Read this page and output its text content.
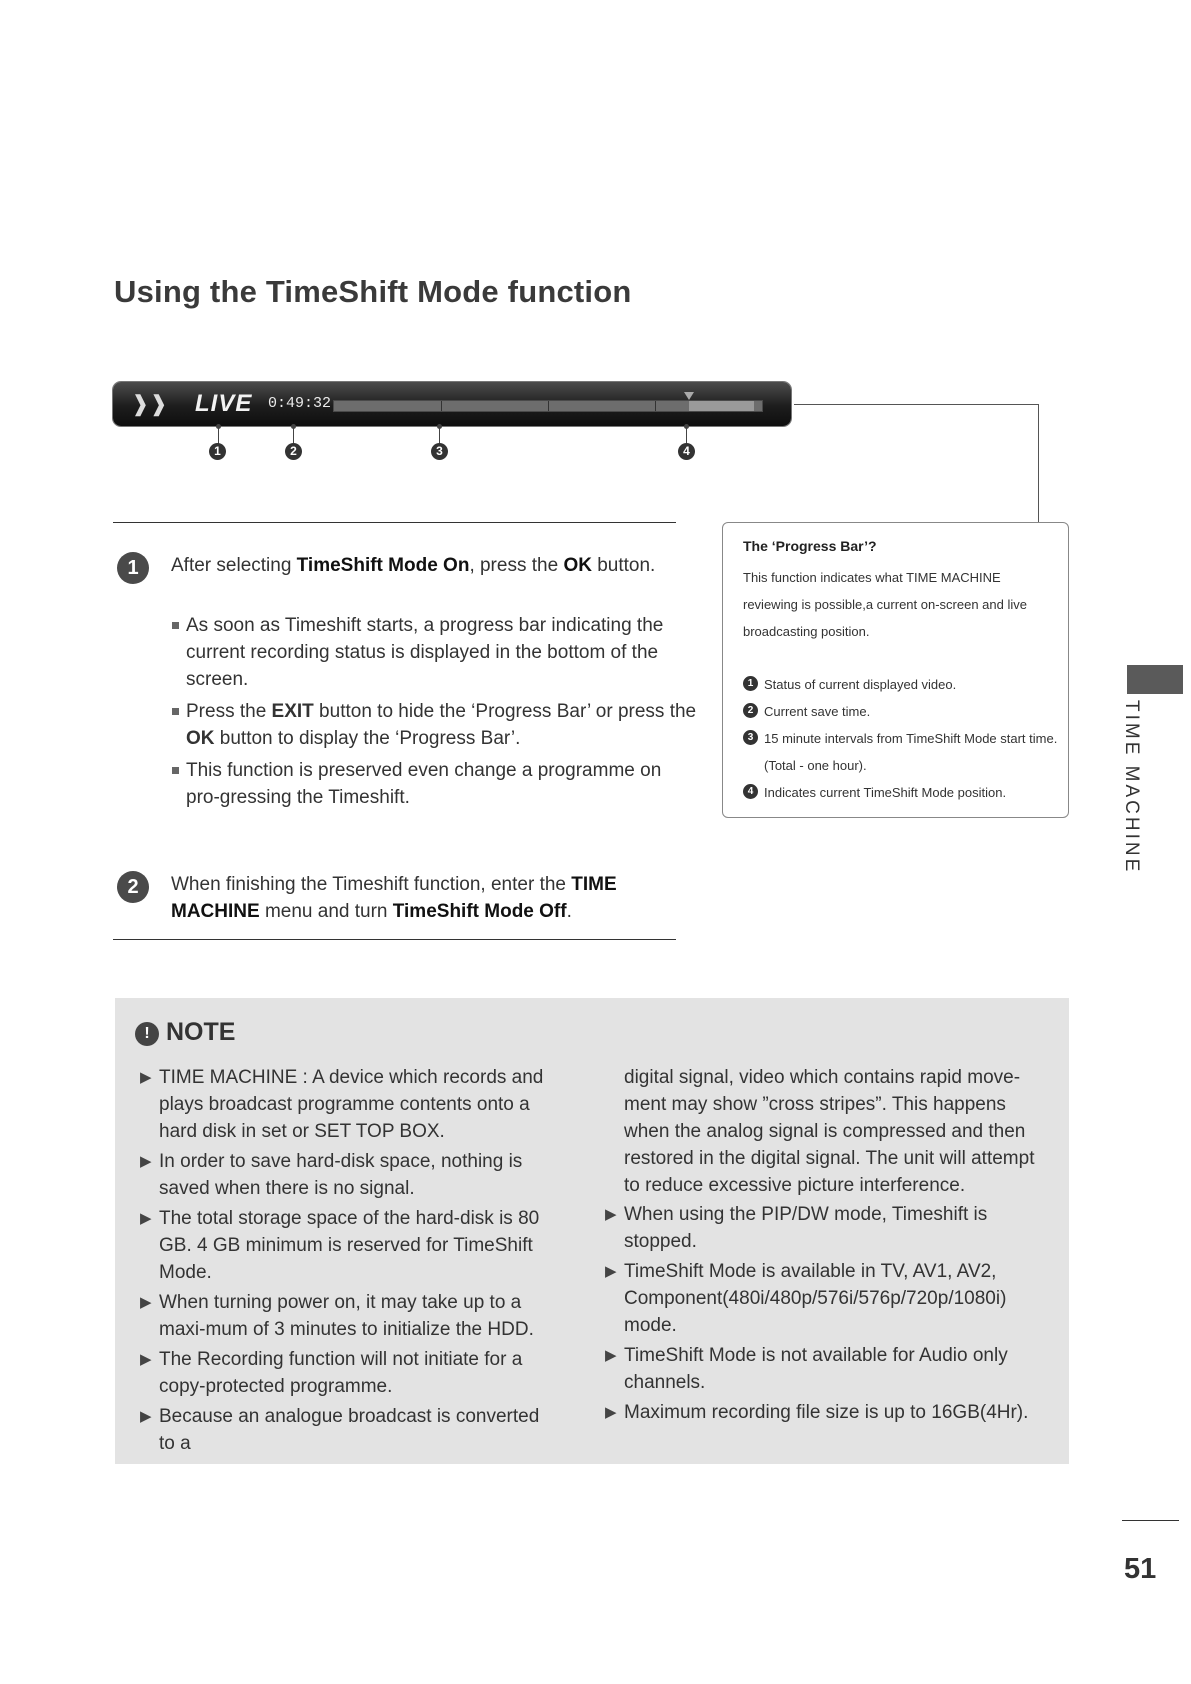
Using the TimeShift Mode function
❱❱ LIVE 0:49:32
1	2	3	4
The ‘Progress Bar’?
This function indicates what TIME MACHINE reviewing is possible,a current on-screen and live broadcasting position.
1 Status of current displayed video.
2 Current save time.
3 15 minute intervals from TimeShift Mode start time. (Total - one hour).
4 Indicates current TimeShift Mode position.
1	After selecting TimeShift Mode On, press the OK button.
As soon as Timeshift starts, a progress bar indicating the current recording status is displayed in the bottom of the screen.
Press the EXIT button to hide the ‘Progress Bar’ or press the OK button to display the ‘Progress Bar’.
This function is preserved even change a programme on pro-gressing the Timeshift.
2	When finishing the Timeshift function, enter the TIME MACHINE menu and turn TimeShift Mode Off.
! NOTE
▶ TIME MACHINE : A device which records and plays broadcast programme contents onto a hard disk in set or SET TOP BOX.
▶ In order to save hard-disk space, nothing is saved when there is no signal.
▶ The total storage space of the hard-disk is 80 GB. 4 GB minimum is reserved for TimeShift Mode.
▶ When turning power on, it may take up to a maxi-mum of 3 minutes to initialize the HDD.
▶ The Recording function will not initiate for a copy-protected programme.
▶ Because an analogue broadcast is converted to a
digital signal, video which contains rapid move-ment may show ”cross stripes”. This happens when the analog signal is compressed and then restored in the digital signal. The unit will attempt to reduce excessive picture interference.
▶ When using the PIP/DW mode, Timeshift is stopped.
▶ TimeShift Mode is available in TV, AV1, AV2, Component(480i/480p/576i/576p/720p/1080i) mode.
▶ TimeShift Mode is not available for Audio only channels.
▶ Maximum recording file size is up to 16GB(4Hr).
TIME MACHINE
51
